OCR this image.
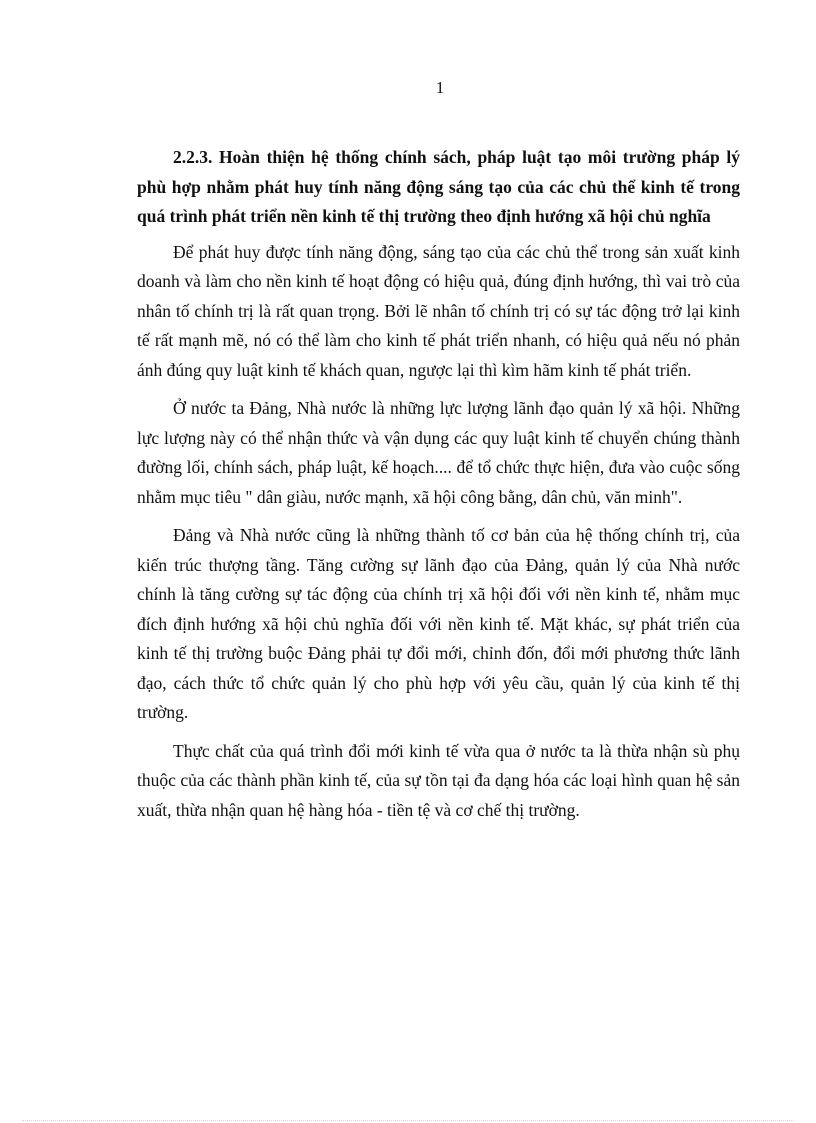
1

2.2.3. Hoàn thiện hệ thống chính sách, pháp luật tạo môi trường pháp lý phù hợp nhằm phát huy tính năng động sáng tạo của các chủ thể kinh tế trong quá trình phát triển nền kinh tế thị trường theo định hướng xã hội chủ nghĩa

Để phát huy được tính năng động, sáng tạo của các chủ thể trong sản xuất kinh doanh và làm cho nền kinh tế hoạt động có hiệu quả, đúng định hướng, thì vai trò của nhân tố chính trị là rất quan trọng. Bởi lẽ nhân tố chính trị có sự tác động trở lại kinh tế rất mạnh mẽ, nó có thể làm cho kinh tế phát triển nhanh, có hiệu quả nếu nó phản ánh đúng quy luật kinh tế khách quan, ngược lại thì kìm hãm kinh tế phát triển.

Ở nước ta Đảng, Nhà nước là những lực lượng lãnh đạo quản lý xã hội. Những lực lượng này có thể nhận thức và vận dụng các quy luật kinh tế chuyển chúng thành đường lối, chính sách, pháp luật, kế hoạch.... để tổ chức thực hiện, đưa vào cuộc sống nhằm mục tiêu " dân giàu, nước mạnh, xã hội công bằng, dân chủ, văn minh".

Đảng và Nhà nước cũng là những thành tố cơ bản của hệ thống chính trị, của kiến trúc thượng tầng. Tăng cường sự lãnh đạo của Đảng, quản lý của Nhà nước chính là tăng cường sự tác động của chính trị xã hội đối với nền kinh tế, nhằm mục đích định hướng xã hội chủ nghĩa đối với nền kinh tế. Mặt khác, sự phát triển của kinh tế thị trường buộc Đảng phải tự đổi mới, chỉnh đốn, đổi mới phương thức lãnh đạo, cách thức tổ chức quản lý cho phù hợp với yêu cầu, quản lý của kinh tế thị trường.

Thực chất của quá trình đổi mới kinh tế vừa qua ở nước ta là thừa nhận sù phụ thuộc của các thành phần kinh tế, của sự tồn tại đa dạng hóa các loại hình quan hệ sản xuất, thừa nhận quan hệ hàng hóa - tiền tệ và cơ chế thị trường.
